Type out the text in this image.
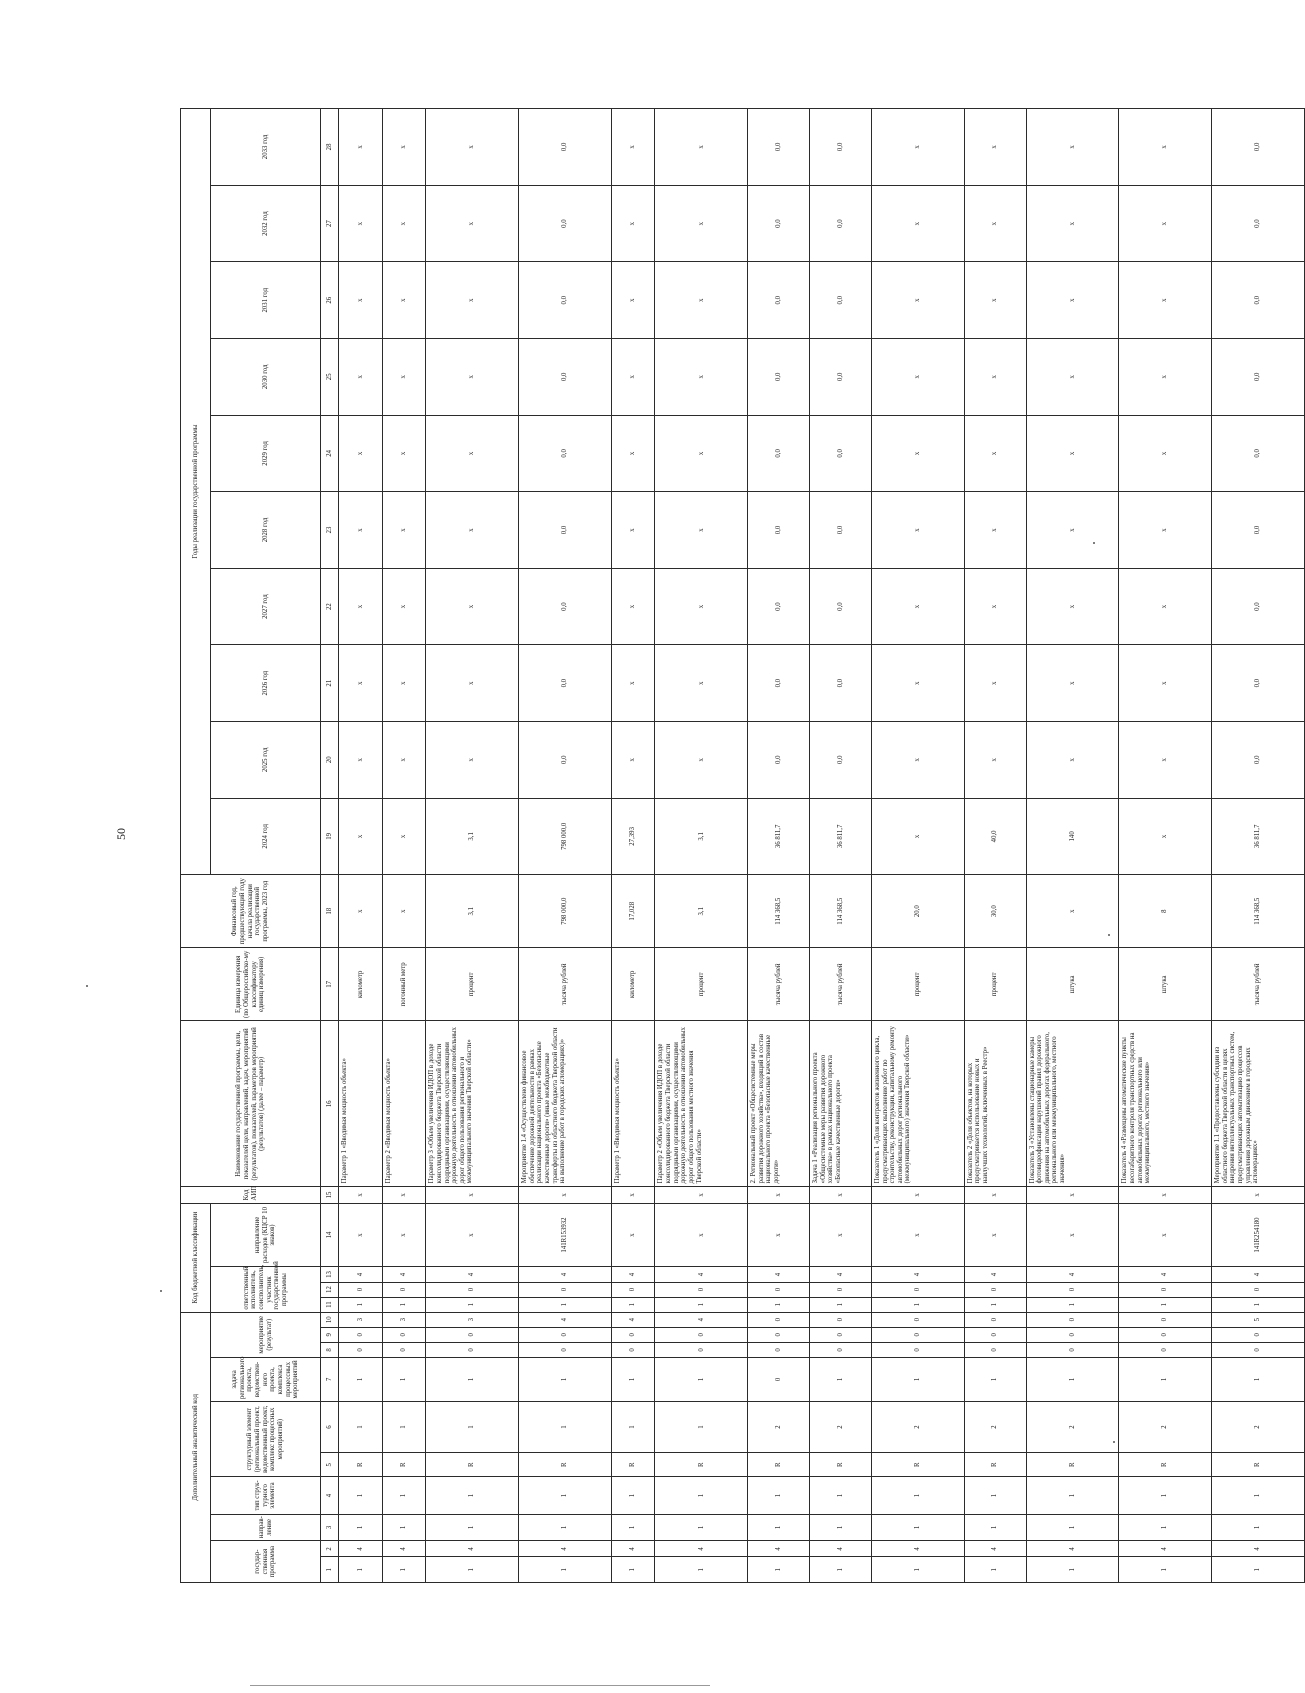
50
Дополнительный аналитический код										Код бюджетной классификации				Код АИП	Наименование государственной программы, цели, показателей цели, направлений, задач, мероприятий (результатов), показателей, параметров мероприятий (результатов) (далее – параметр)	Единица измерения (по Общероссийско-му классификатору единиц измерения)	Финансовый год, предшествующий году начала реализации государственной программы, 2023 год	Годы реализации государственной программы									
государ-ственная программа		направ-ление	тип струк-турного элемента	структурный элемент (региональный проект, ведомственный проект, комплекс процессных мероприятий)		задача регионального проекта, ведомствен-ного проекта, комплекса процессных мероприятий	мероприятие (результат)			ответственный исполнитель, соисполнитель, участник государственной программы			направление расходов (КЦСР 10 знаков)					2024 год	2025 год	2026 год	2027 год	2028 год	2029 год	2030 год	2031 год	2032 год	2033 год

1	2	3	4	5	6	7	8	9	10	11	12	13	14	15	16	17	18	19	20	21	22	23	24	25	26	27	28
1	4	1	1	R	1	1	0	0	3	1	0	4	x	x	Параметр 1 «Вводимая мощность объекта»	километр	x	x	x	x	x	x	x	x	x	x	x
1	4	1	1	R	1	1	0	0	3	1	0	4	x	x	Параметр 2 «Вводимая мощность объекта»	погонный метр	x	x	x	x	x	x	x	x	x	x	x
1	4	1	1	R	1	1	0	0	3	1	0	4	x	x	Параметр 3 «Объем увеличения ИДОП в доходе консолидированного бюджета Тверской области подрядными организациями, осуществляющими дорожную деятельность в отношении автомобильных дорог общего пользования регионального и межмуниципального значения Тверской области»	процент	3,1	3,1	x	x	x	x	x	x	x	x	x
1	4	1	1	R	1	1	0	0	4	1	0	4	141R153932	x	Мероприятие 1.4 «Осуществлено финансовое обеспечение дорожной деятельности в рамках реализации национального проекта «Безопасные качественные дороги» (иные межбюджетные трансферты из областного бюджета Тверской области на выполнение работ в городских агломерациях)»	тысяча рублей	798 000,0	798 000,0	0,0	0,0	0,0	0,0	0,0	0,0	0,0	0,0	0,0
1	4	1	1	R	1	1	0	0	4	1	0	4	x	x	Параметр 1 «Вводимая мощность объекта»	километр	17,028	27,393	x	x	x	x	x	x	x	x	x
1	4	1	1	R	1	1	0	0	4	1	0	4	x	x	Параметр 2 «Объем увеличения ИДОП в доходе консолидированного бюджета Тверской области подрядными организациями, осуществляющими дорожную деятельность в отношении автомобильных дорог общего пользования местного значения Тверской области»	процент	3,1	3,1	x	x	x	x	x	x	x	x	x
1	4	1	1	R	2	0	0	0	0	1	0	4	x	x	2. Региональный проект «Общесистемные меры развития дорожного хозяйства», входящий в состав национального проекта «Безопасные качественные дороги»	тысяча рублей	114 368,5	36 811,7	0,0	0,0	0,0	0,0	0,0	0,0	0,0	0,0	0,0
1	4	1	1	R	2	1	0	0	0	1	0	4	x	x	Задача 1 «Реализация регионального проекта «Общесистемные меры развития дорожного хозяйства» в рамках национального проекта «Безопасные качественные дороги»	тысяча рублей	114 368,5	36 811,7	0,0	0,0	0,0	0,0	0,0	0,0	0,0	0,0	0,0
1	4	1	1	R	2	1	0	0	0	1	0	4	x	x	Показатель 1 «Доля контрактов жизненного цикла, предусматривающих выполнение работ по строительству, реконструкции, капитальному ремонту автомобильных дорог регионального (межмуниципального) значения Тверской области»	процент	20,0	x	x	x	x	x	x	x	x	x	x
1	4	1	1	R	2	1	0	0	0	1	0	4	x	x	Показатель 2 «Доля объектов, на которых предусматривается использование новых и наилучших технологий, включенных в Реестр»	процент	30,0	40,0	x	x	x	x	x	x	x	x	x
1	4	1	1	R	2	1	0	0	0	1	0	4	x	x	Показатель 3 «Установлены стационарные камеры фотовидеофиксации нарушений правил дорожного движения на автомобильных дорогах федерального, регионального или межмуниципального, местного значения»	штука	x	140	x	x	x	x	x	x	x	x	x
1	4	1	1	R	2	1	0	0	0	1	0	4	x	x	Показатель 4 «Размещены автоматические пункты весогабаритного контроля транспортных средств на автомобильных дорогах регионального или межмуниципального, местного значения»	штука	8	x	x	x	x	x	x	x	x	x	x
1	4	1	1	R	2	1	0	0	5	1	0	4	141R254180	x	Мероприятие 1.1 «Предоставлены субсидии из областного бюджета Тверской области в целях внедрения интеллектуальных транспортных систем, предусматривающих автоматизацию процессов управления дорожным движением в городских агломерациях»	тысяча рублей	114 368,5	36 811,7	0,0	0,0	0,0	0,0	0,0	0,0	0,0	0,0	0,0
